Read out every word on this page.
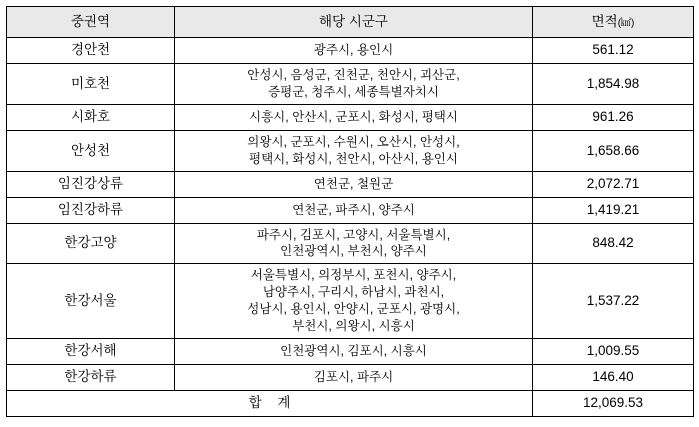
중권역	해당 시군구	면적(㎢)
경안천	광주시, 용인시	561.12
미호천	안성시, 음성군, 진천군, 천안시, 괴산군,
증평군, 청주시, 세종특별자치시	1,854.98
시화호	시흥시, 안산시, 군포시, 화성시, 평택시	961.26
안성천	의왕시, 군포시, 수원시, 오산시, 안성시,
평택시, 화성시, 천안시, 아산시, 용인시	1,658.66
임진강상류	연천군, 철원군	2,072.71
임진강하류	연천군, 파주시, 양주시	1,419.21
한강고양	파주시, 김포시, 고양시, 서울특별시,
인천광역시, 부천시, 양주시	848.42
한강서울	서울특별시, 의정부시, 포천시, 양주시,
남양주시, 구리시, 하남시, 과천시,
성남시, 용인시, 안양시, 군포시, 광명시,
부천시, 의왕시, 시흥시	1,537.22
한강서해	인천광역시, 김포시, 시흥시	1,009.55
한강하류	김포시, 파주시	146.40
합 계		12,069.53
